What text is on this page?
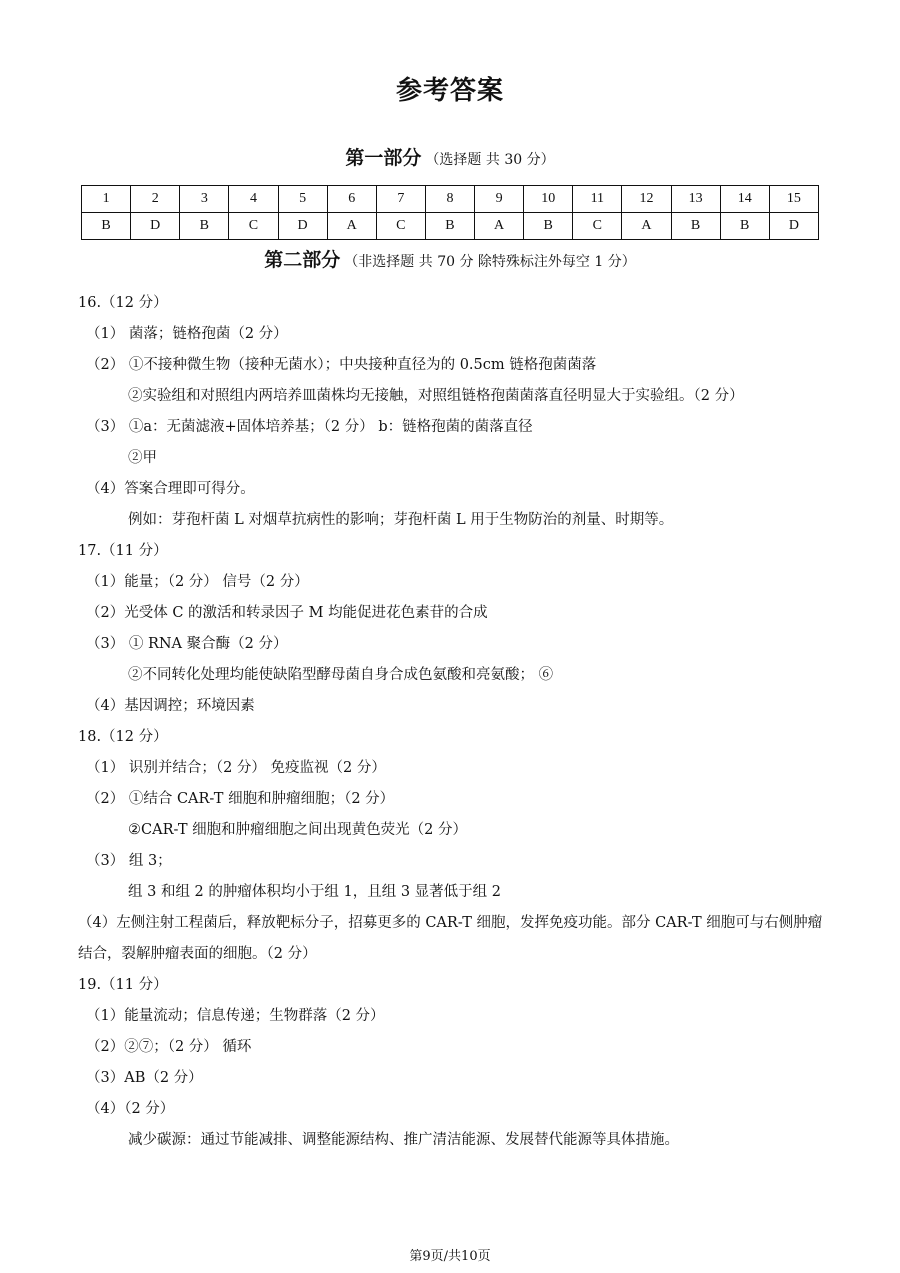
参考答案
第一部分 （选择题 共 30 分）
1	2	3	4	5	6	7	8	9	10	11	12	13	14	15
B	D	B	C	D	A	C	B	A	B	C	A	B	B	D
第二部分 （非选择题 共 70 分 除特殊标注外每空 1 分）
16.（12 分）
（1） 菌落；链格孢菌（2 分）
（2） ①不接种微生物（接种无菌水）；中央接种直径为的 0.5cm 链格孢菌菌落
②实验组和对照组内两培养皿菌株均无接触，对照组链格孢菌菌落直径明显大于实验组。（2 分）
（3） ①a：无菌滤液+固体培养基；（2 分） b：链格孢菌的菌落直径
②甲
（4）答案合理即可得分。
例如：芽孢杆菌 L 对烟草抗病性的影响；芽孢杆菌 L 用于生物防治的剂量、时期等。
17.（11 分）
（1）能量；（2 分） 信号（2 分）
（2）光受体 C 的激活和转录因子 M 均能促进花色素苷的合成
（3） ① RNA 聚合酶（2 分）
②不同转化处理均能使缺陷型酵母菌自身合成色氨酸和亮氨酸； ⑥
（4）基因调控；环境因素
18.（12 分）
（1） 识别并结合；（2 分） 免疫监视（2 分）
（2） ①结合 CAR-T 细胞和肿瘤细胞；（2 分）
②CAR-T 细胞和肿瘤细胞之间出现黄色荧光（2 分）
（3） 组 3；
组 3 和组 2 的肿瘤体积均小于组 1，且组 3 显著低于组 2
（4）左侧注射工程菌后，释放靶标分子，招募更多的 CAR-T 细胞，发挥免疫功能。部分 CAR-T 细胞可与右侧肿瘤结合，裂解肿瘤表面的细胞。（2 分）
19.（11 分）
（1）能量流动；信息传递；生物群落（2 分）
（2）②⑦；（2 分） 循环
（3）AB（2 分）
（4）（2 分）
减少碳源：通过节能减排、调整能源结构、推广清洁能源、发展替代能源等具体措施。
第9页/共10页
